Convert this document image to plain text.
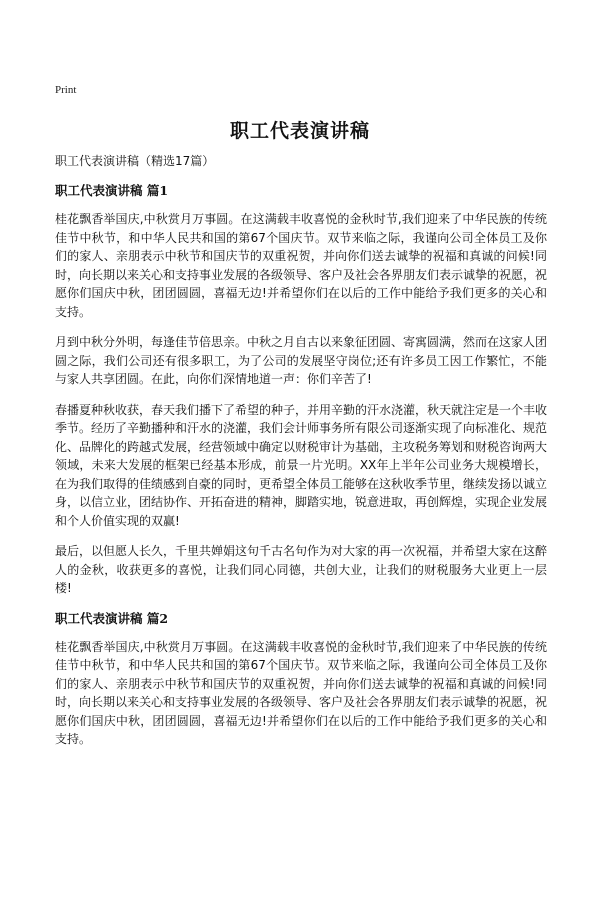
Print
职工代表演讲稿

职工代表演讲稿（精选17篇）

职工代表演讲稿 篇1

桂花飘香举国庆,中秋赏月万事圆。在这满载丰收喜悦的金秋时节,我们迎来了中华民族的传统佳节中秋节，和中华人民共和国的第67个国庆节。双节来临之际，我谨向公司全体员工及你们的家人、亲朋表示中秋节和国庆节的双重祝贺，并向你们送去诚挚的祝福和真诚的问候!同时，向长期以来关心和支持事业发展的各级领导、客户及社会各界朋友们表示诚挚的祝愿，祝愿你们国庆中秋，团团圆圆，喜福无边!并希望你们在以后的工作中能给予我们更多的关心和支持。

月到中秋分外明，每逢佳节倍思亲。中秋之月自古以来象征团圆、寄寓圆满，然而在这家人团圆之际，我们公司还有很多职工，为了公司的发展坚守岗位;还有许多员工因工作繁忙，不能与家人共享团圆。在此，向你们深情地道一声：你们辛苦了!

春播夏种秋收获，春天我们播下了希望的种子，并用辛勤的汗水浇灌，秋天就注定是一个丰收季节。经历了辛勤播种和汗水的浇灌，我们会计师事务所有限公司逐渐实现了向标准化、规范化、品牌化的跨越式发展，经营领域中确定以财税审计为基础，主攻税务筹划和财税咨询两大领域，未来大发展的框架已经基本形成，前景一片光明。XX年上半年公司业务大规模增长，在为我们取得的佳绩感到自豪的同时，更希望全体员工能够在这秋收季节里，继续发扬以诚立身，以信立业，团结协作、开拓奋进的精神，脚踏实地，锐意进取，再创辉煌，实现企业发展和个人价值实现的双赢!

最后，以但愿人长久，千里共婵娟这句千古名句作为对大家的再一次祝福，并希望大家在这醉人的金秋，收获更多的喜悦，让我们同心同德，共创大业，让我们的财税服务大业更上一层楼!

职工代表演讲稿 篇2

桂花飘香举国庆,中秋赏月万事圆。在这满载丰收喜悦的金秋时节,我们迎来了中华民族的传统佳节中秋节，和中华人民共和国的第67个国庆节。双节来临之际，我谨向公司全体员工及你们的家人、亲朋表示中秋节和国庆节的双重祝贺，并向你们送去诚挚的祝福和真诚的问候!同时，向长期以来关心和支持事业发展的各级领导、客户及社会各界朋友们表示诚挚的祝愿，祝愿你们国庆中秋，团团圆圆，喜福无边!并希望你们在以后的工作中能给予我们更多的关心和支持。
